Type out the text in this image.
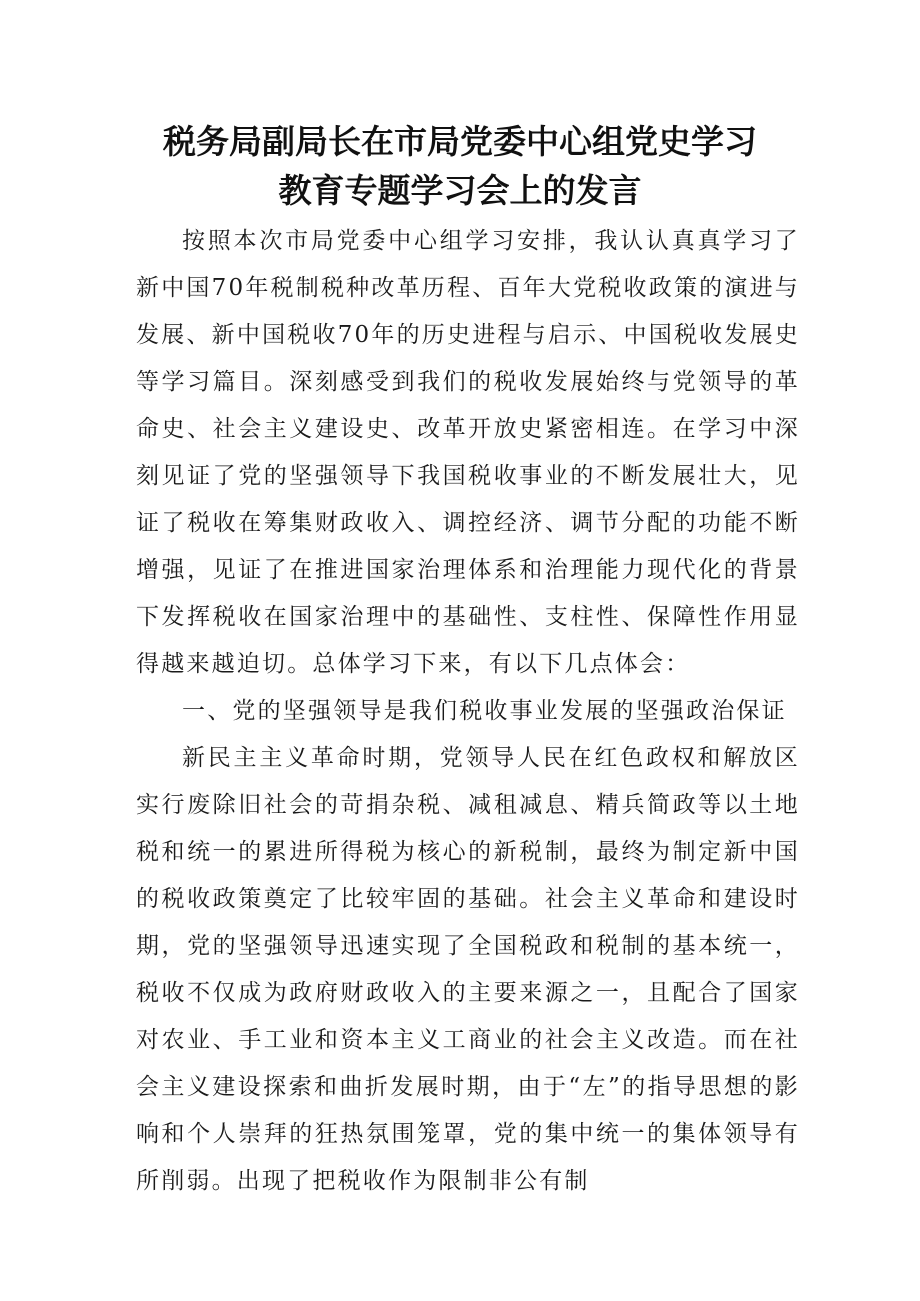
税务局副局长在市局党委中心组党史学习
教育专题学习会上的发言

按照本次市局党委中心组学习安排，我认认真真学习了新中国70年税制税种改革历程、百年大党税收政策的演进与发展、新中国税收70年的历史进程与启示、中国税收发展史等学习篇目。深刻感受到我们的税收发展始终与党领导的革命史、社会主义建设史、改革开放史紧密相连。在学习中深刻见证了党的坚强领导下我国税收事业的不断发展壮大，见证了税收在筹集财政收入、调控经济、调节分配的功能不断增强，见证了在推进国家治理体系和治理能力现代化的背景下发挥税收在国家治理中的基础性、支柱性、保障性作用显得越来越迫切。总体学习下来，有以下几点体会：

一、党的坚强领导是我们税收事业发展的坚强政治保证

新民主主义革命时期，党领导人民在红色政权和解放区实行废除旧社会的苛捐杂税、减租减息、精兵简政等以土地税和统一的累进所得税为核心的新税制，最终为制定新中国的税收政策奠定了比较牢固的基础。社会主义革命和建设时期，党的坚强领导迅速实现了全国税政和税制的基本统一，税收不仅成为政府财政收入的主要来源之一，且配合了国家对农业、手工业和资本主义工商业的社会主义改造。而在社会主义建设探索和曲折发展时期，由于“左”的指导思想的影响和个人崇拜的狂热氛围笼罩，党的集中统一的集体领导有所削弱。出现了把税收作为限制非公有制
